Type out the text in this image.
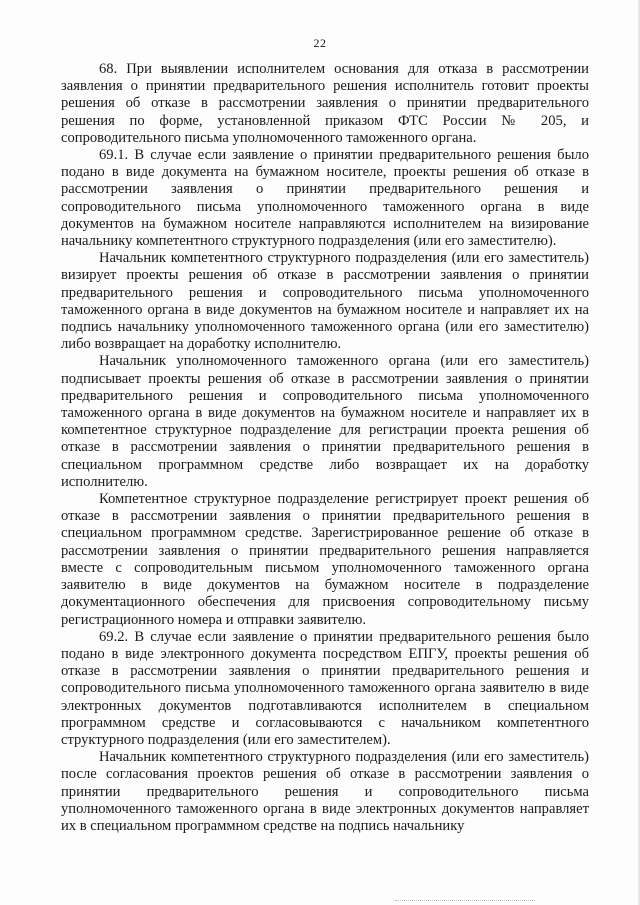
22

68. При выявлении исполнителем основания для отказа в рассмотрении заявления о принятии предварительного решения исполнитель готовит проекты решения об отказе в рассмотрении заявления о принятии предварительного решения по форме, установленной приказом ФТС России № 205, и сопроводительного письма уполномоченного таможенного органа.

69.1. В случае если заявление о принятии предварительного решения было подано в виде документа на бумажном носителе, проекты решения об отказе в рассмотрении заявления о принятии предварительного решения и сопроводительного письма уполномоченного таможенного органа в виде документов на бумажном носителе направляются исполнителем на визирование начальнику компетентного структурного подразделения (или его заместителю).

Начальник компетентного структурного подразделения (или его заместитель) визирует проекты решения об отказе в рассмотрении заявления о принятии предварительного решения и сопроводительного письма уполномоченного таможенного органа в виде документов на бумажном носителе и направляет их на подпись начальнику уполномоченного таможенного органа (или его заместителю) либо возвращает на доработку исполнителю.

Начальник уполномоченного таможенного органа (или его заместитель) подписывает проекты решения об отказе в рассмотрении заявления о принятии предварительного решения и сопроводительного письма уполномоченного таможенного органа в виде документов на бумажном носителе и направляет их в компетентное структурное подразделение для регистрации проекта решения об отказе в рассмотрении заявления о принятии предварительного решения в специальном программном средстве либо возвращает их на доработку исполнителю.

Компетентное структурное подразделение регистрирует проект решения об отказе в рассмотрении заявления о принятии предварительного решения в специальном программном средстве. Зарегистрированное решение об отказе в рассмотрении заявления о принятии предварительного решения направляется вместе с сопроводительным письмом уполномоченного таможенного органа заявителю в виде документов на бумажном носителе в подразделение документационного обеспечения для присвоения сопроводительному письму регистрационного номера и отправки заявителю.

69.2. В случае если заявление о принятии предварительного решения было подано в виде электронного документа посредством ЕПГУ, проекты решения об отказе в рассмотрении заявления о принятии предварительного решения и сопроводительного письма уполномоченного таможенного органа заявителю в виде электронных документов подготавливаются исполнителем в специальном программном средстве и согласовываются с начальником компетентного структурного подразделения (или его заместителем).

Начальник компетентного структурного подразделения (или его заместитель) после согласования проектов решения об отказе в рассмотрении заявления о принятии предварительного решения и сопроводительного письма уполномоченного таможенного органа в виде электронных документов направляет их в специальном программном средстве на подпись начальнику
